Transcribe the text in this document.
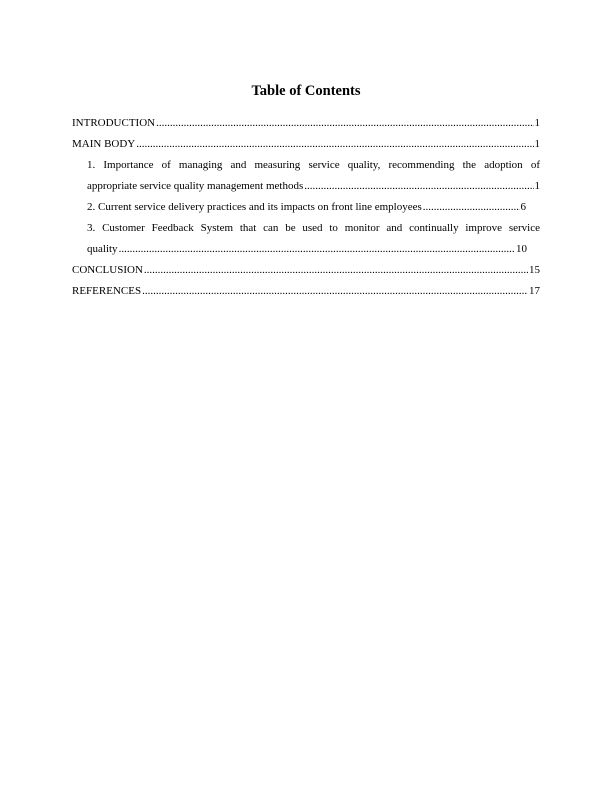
Table of Contents
INTRODUCTION .....	1
MAIN BODY .....	1
1. Importance of managing and measuring service quality, recommending the adoption of
appropriate service quality management methods .....	1
2. Current service delivery practices and its impacts on front line employees .....	6
3. Customer Feedback System that can be used to monitor and continually improve service
quality .....	10
CONCLUSION .....	15
REFERENCES .....	17
